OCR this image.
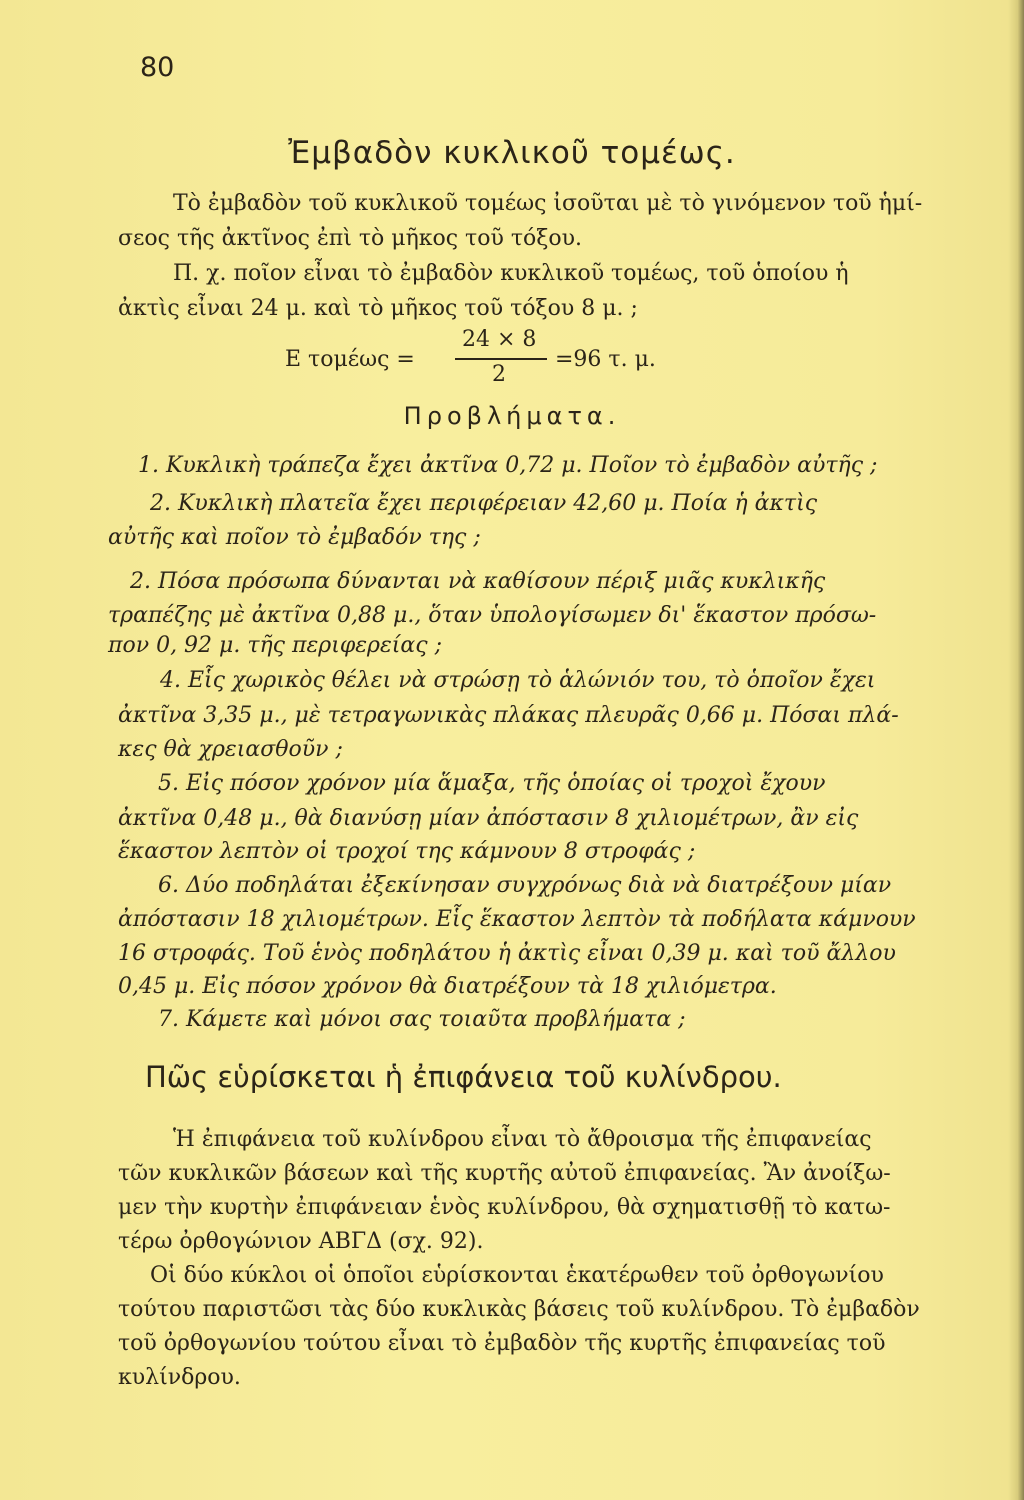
80
Ἐμβαδὸν κυκλικοῦ τομέως.
Τὸ ἐμβαδὸν τοῦ κυκλικοῦ τομέως ἰσοῦται μὲ τὸ γινόμενον τοῦ ἡμί-
σεος τῆς ἀκτῖνος ἐπὶ τὸ μῆκος τοῦ τόξου.
Π. χ. ποῖον εἶναι τὸ ἐμβαδὸν κυκλικοῦ τομέως, τοῦ ὁποίου ἡ
ἀκτὶς εἶναι 24 μ. καὶ τὸ μῆκος τοῦ τόξου 8 μ. ;
Ε τομέως =
24 × 8
2
=96 τ. μ.
Προβλήματα.
1. Κυκλικὴ τράπεζα ἔχει ἀκτῖνα 0,72 μ. Ποῖον τὸ ἐμβαδὸν αὐτῆς ;
2. Κυκλικὴ πλατεῖα ἔχει περιφέρειαν 42,60 μ. Ποία ἡ ἀκτὶς
αὐτῆς καὶ ποῖον τὸ ἐμβαδόν της ;
2. Πόσα πρόσωπα δύνανται νὰ καθίσουν πέριξ μιᾶς κυκλικῆς
τραπέζης μὲ ἀκτῖνα 0,88 μ., ὅταν ὑπολογίσωμεν δι' ἕκαστον πρόσω-
πον 0, 92 μ. τῆς περιφερείας ;
4. Εἷς χωρικὸς θέλει νὰ στρώσῃ τὸ ἁλώνιόν του, τὸ ὁποῖον ἔχει
ἀκτῖνα 3,35 μ., μὲ τετραγωνικὰς πλάκας πλευρᾶς 0,66 μ. Πόσαι πλά-
κες θὰ χρειασθοῦν ;
5. Εἰς πόσον χρόνον μία ἅμαξα, τῆς ὁποίας οἱ τροχοὶ ἔχουν
ἀκτῖνα 0,48 μ., θὰ διανύσῃ μίαν ἀπόστασιν 8 χιλιομέτρων, ἂν εἰς
ἕκαστον λεπτὸν οἱ τροχοί της κάμνουν 8 στροφάς ;
6. Δύο ποδηλάται ἐξεκίνησαν συγχρόνως διὰ νὰ διατρέξουν μίαν
ἀπόστασιν 18 χιλιομέτρων. Εἷς ἕκαστον λεπτὸν τὰ ποδήλατα κάμνουν
16 στροφάς. Τοῦ ἑνὸς ποδηλάτου ἡ ἀκτὶς εἶναι 0,39 μ. καὶ τοῦ ἄλλου
0,45 μ. Εἰς πόσον χρόνον θὰ διατρέξουν τὰ 18 χιλιόμετρα.
7. Κάμετε καὶ μόνοι σας τοιαῦτα προβλήματα ;
Πῶς εὑρίσκεται ἡ ἐπιφάνεια τοῦ κυλίνδρου.
Ἡ ἐπιφάνεια τοῦ κυλίνδρου εἶναι τὸ ἄθροισμα τῆς ἐπιφανείας
τῶν κυκλικῶν βάσεων καὶ τῆς κυρτῆς αὐτοῦ ἐπιφανείας. Ἂν ἀνοίξω-
μεν τὴν κυρτὴν ἐπιφάνειαν ἑνὸς κυλίνδρου, θὰ σχηματισθῇ τὸ κατω-
τέρω ὀρθογώνιον ΑΒΓΔ (σχ. 92).
Οἱ δύο κύκλοι οἱ ὁποῖοι εὑρίσκονται ἑκατέρωθεν τοῦ ὀρθογωνίου
τούτου παριστῶσι τὰς δύο κυκλικὰς βάσεις τοῦ κυλίνδρου. Τὸ ἐμβαδὸν
τοῦ ὀρθογωνίου τούτου εἶναι τὸ ἐμβαδὸν τῆς κυρτῆς ἐπιφανείας τοῦ
κυλίνδρου.
